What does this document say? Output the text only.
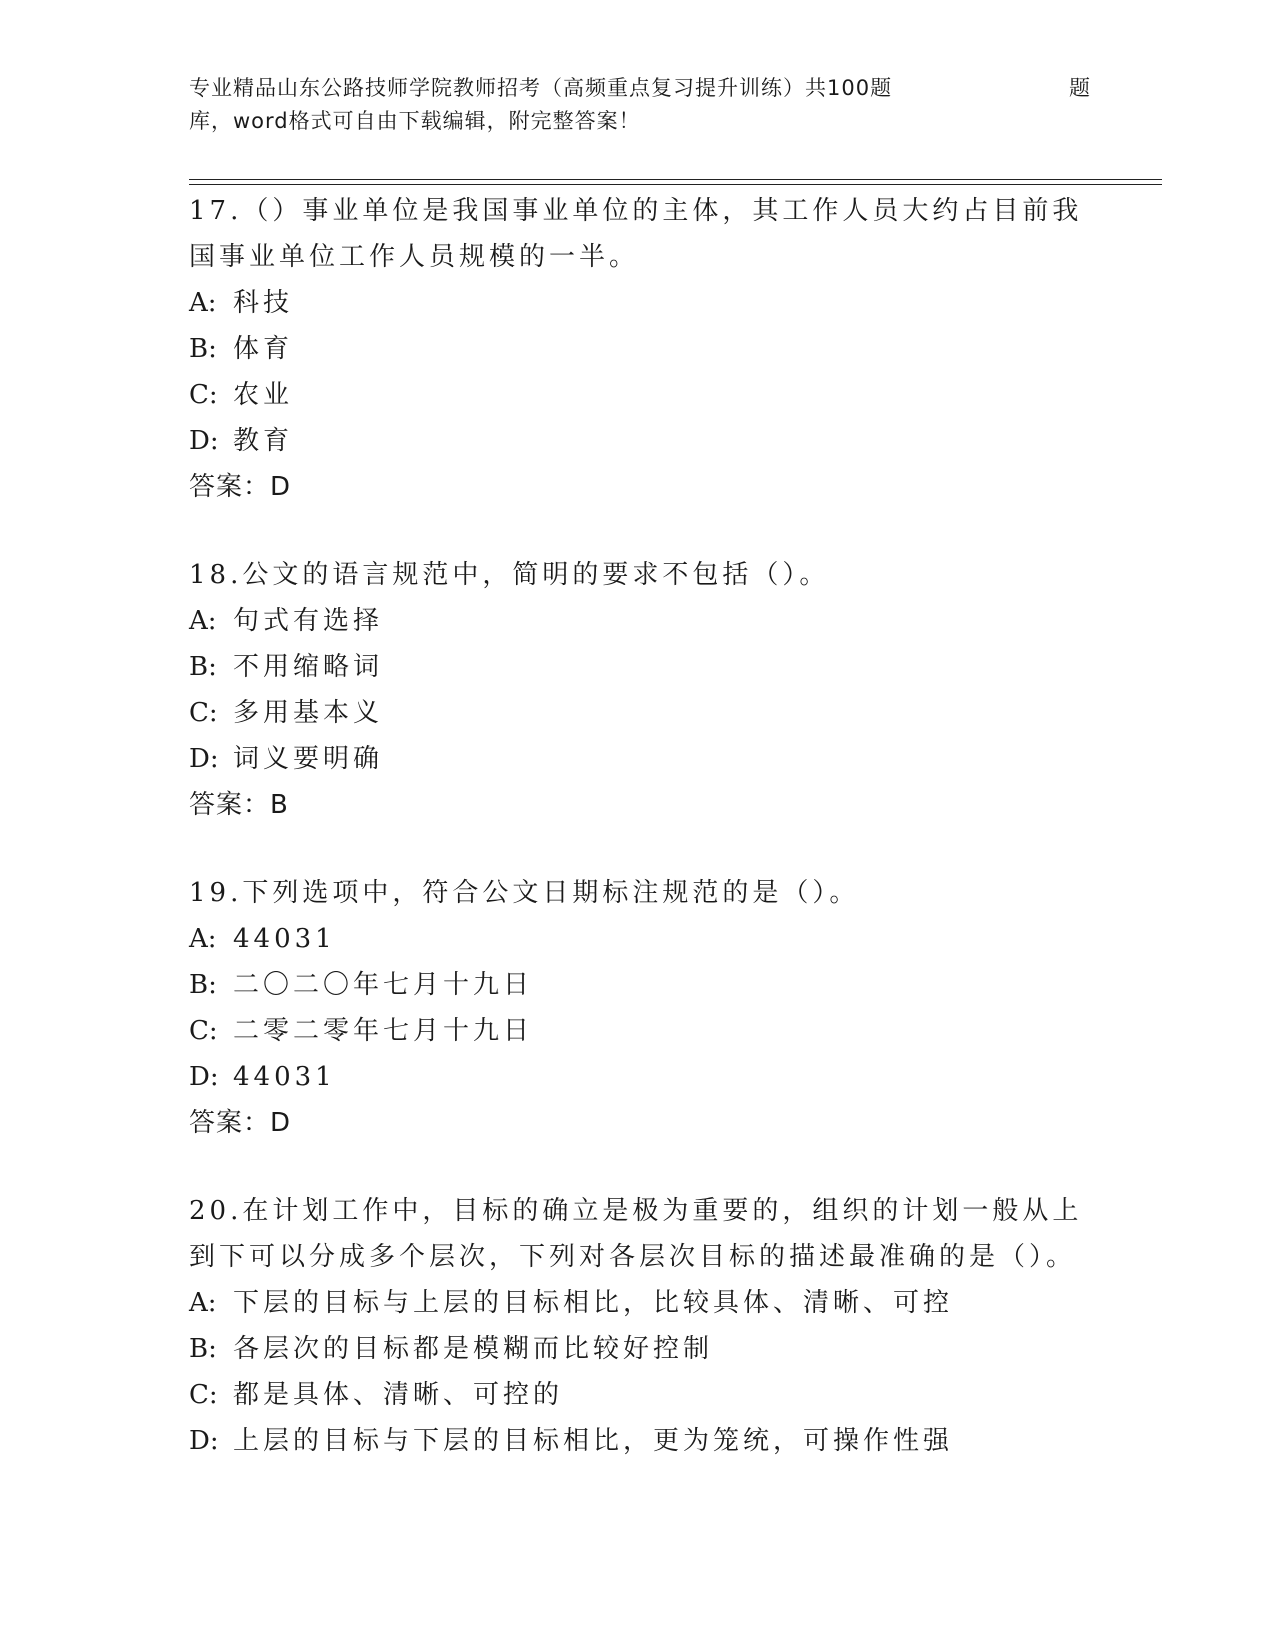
专业精品山东公路技师学院教师招考（高频重点复习提升训练）共100题	题
库，word格式可自由下载编辑，附完整答案！
17.（）事业单位是我国事业单位的主体，其工作人员大约占目前我国事业单位工作人员规模的一半。
A: 科技
B: 体育
C: 农业
D: 教育
答案：D
18.公文的语言规范中，简明的要求不包括（）。
A: 句式有选择
B: 不用缩略词
C: 多用基本义
D: 词义要明确
答案：B
19.下列选项中，符合公文日期标注规范的是（）。
A: 44031
B: 二〇二〇年七月十九日
C: 二零二零年七月十九日
D: 44031
答案：D
20.在计划工作中，目标的确立是极为重要的，组织的计划一般从上到下可以分成多个层次，下列对各层次目标的描述最准确的是（）。
A: 下层的目标与上层的目标相比，比较具体、清晰、可控
B: 各层次的目标都是模糊而比较好控制
C: 都是具体、清晰、可控的
D: 上层的目标与下层的目标相比，更为笼统，可操作性强
